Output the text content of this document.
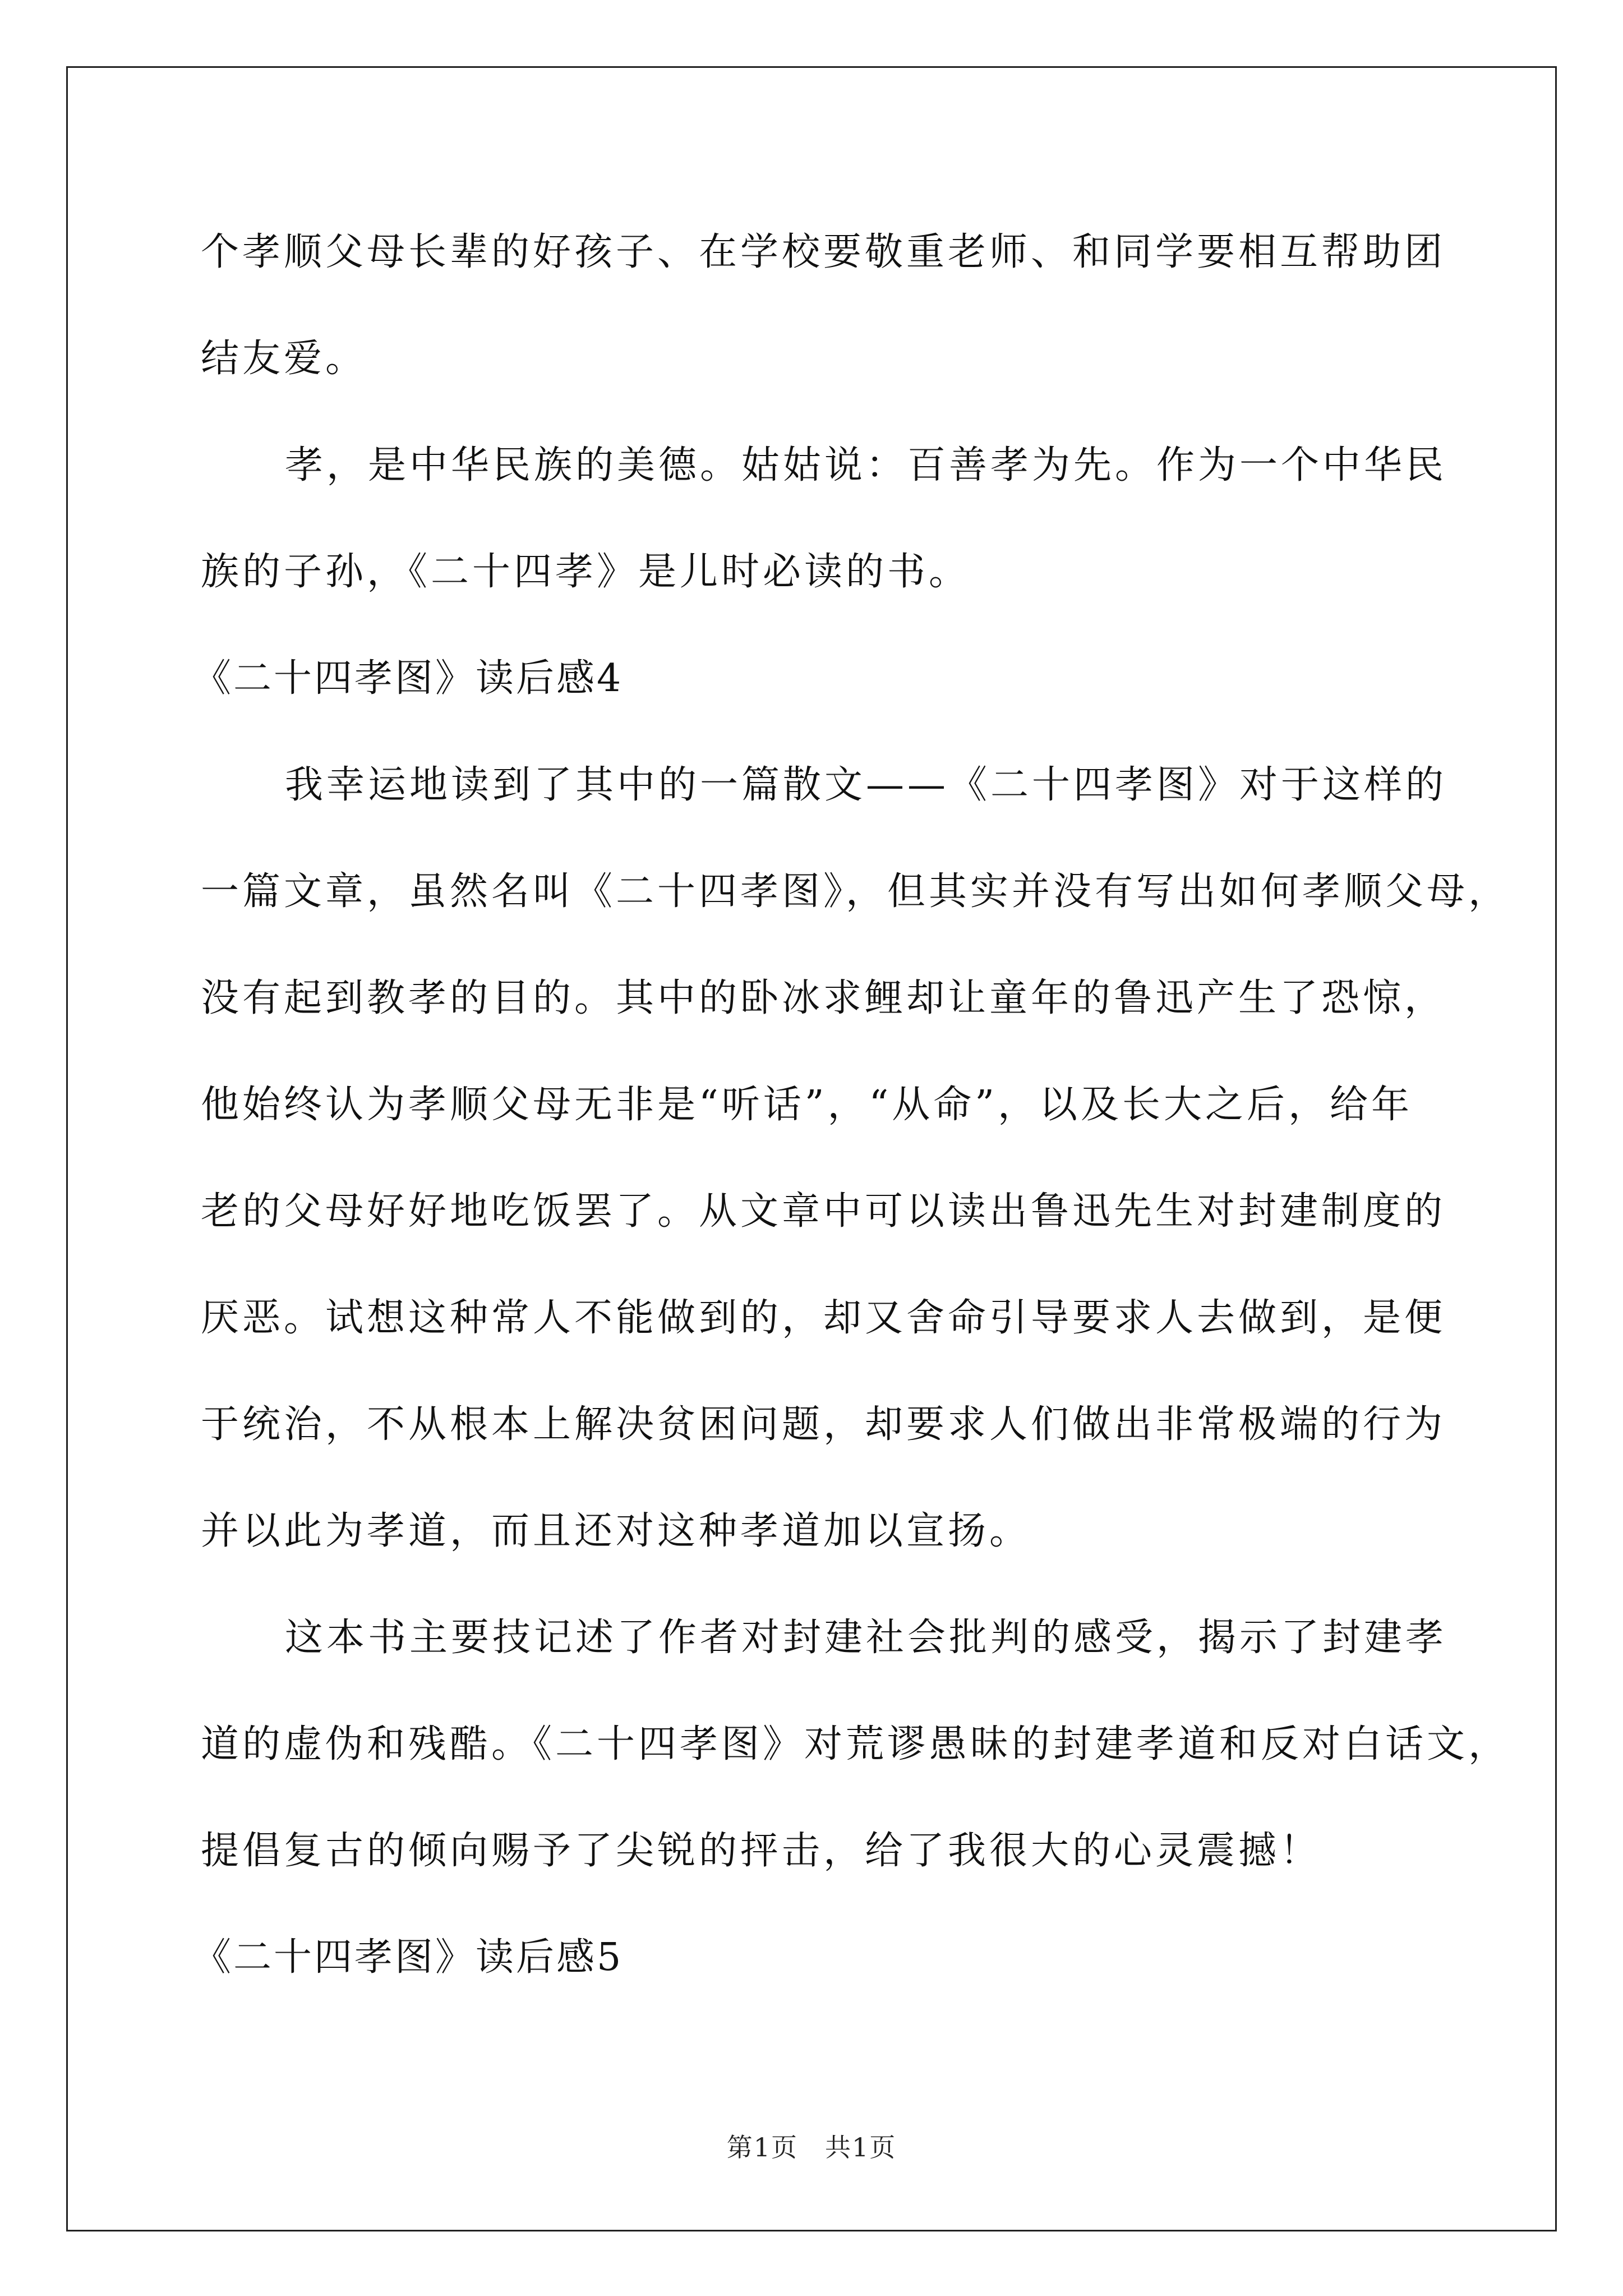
个孝顺父母长辈的好孩子、在学校要敬重老师、和同学要相互帮助团
结友爱。
孝，是中华民族的美德。姑姑说：百善孝为先。作为一个中华民
族的子孙，《二十四孝》是儿时必读的书。
《二十四孝图》读后感4
我幸运地读到了其中的一篇散文——《二十四孝图》对于这样的
一篇文章，虽然名叫《二十四孝图》，但其实并没有写出如何孝顺父母，
没有起到教孝的目的。其中的卧冰求鲤却让童年的鲁迅产生了恐惊，
他始终认为孝顺父母无非是“听话”，“从命”，以及长大之后，给年
老的父母好好地吃饭罢了。从文章中可以读出鲁迅先生对封建制度的
厌恶。试想这种常人不能做到的，却又舍命引导要求人去做到，是便
于统治，不从根本上解决贫困问题，却要求人们做出非常极端的行为
并以此为孝道，而且还对这种孝道加以宣扬。
这本书主要技记述了作者对封建社会批判的感受，揭示了封建孝
道的虚伪和残酷。《二十四孝图》对荒谬愚昧的封建孝道和反对白话文，
提倡复古的倾向赐予了尖锐的抨击，给了我很大的心灵震撼！
《二十四孝图》读后感5
第1页 共1页
